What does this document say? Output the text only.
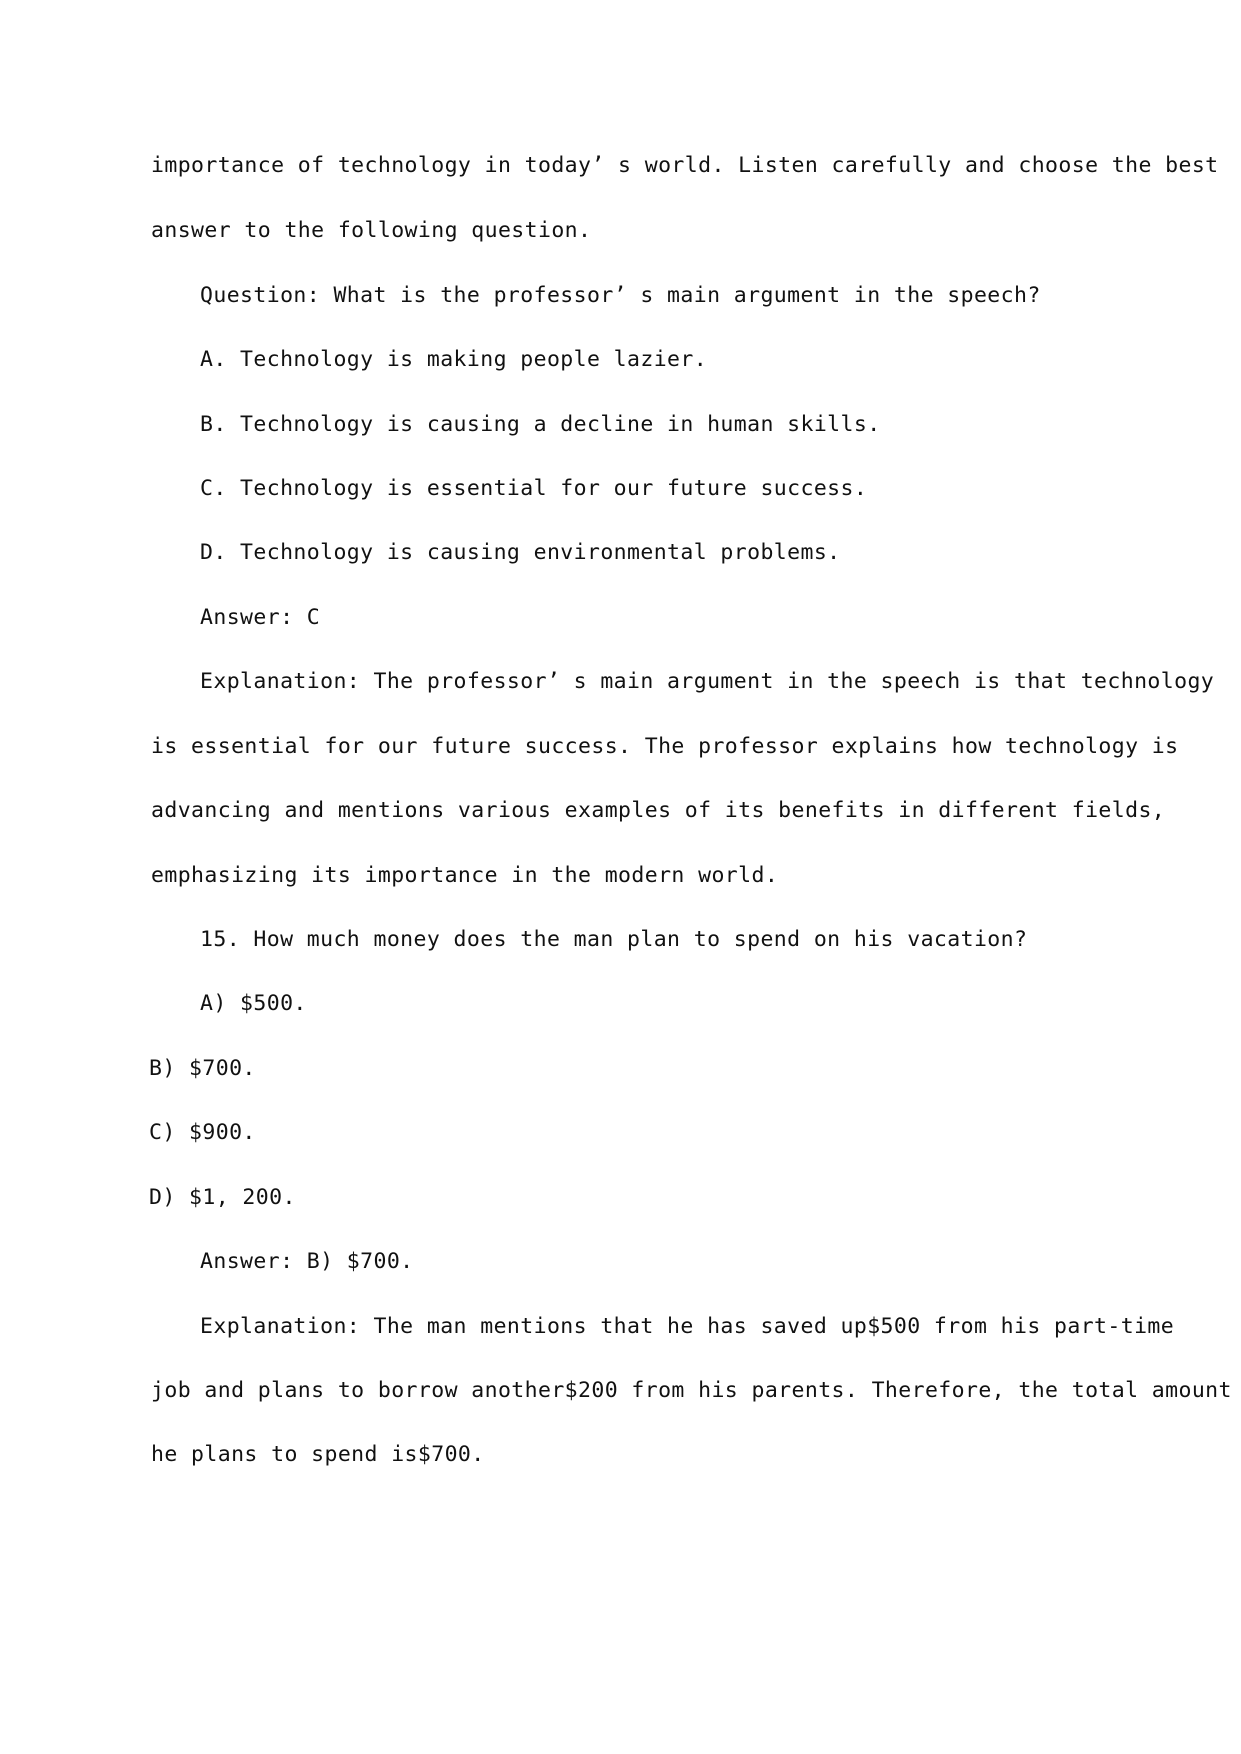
importance of technology in today’ s world. Listen carefully and choose the best
answer to the following question.
Question: What is the professor’ s main argument in the speech?
A. Technology is making people lazier.
B. Technology is causing a decline in human skills.
C. Technology is essential for our future success.
D. Technology is causing environmental problems.
Answer: C
Explanation: The professor’ s main argument in the speech is that technology
is essential for our future success. The professor explains how technology is
advancing and mentions various examples of its benefits in different fields,
emphasizing its importance in the modern world.
15. How much money does the man plan to spend on his vacation?
A) $500.
B) $700.
C) $900.
D) $1, 200.
Answer: B) $700.
Explanation: The man mentions that he has saved up$500 from his part-time
job and plans to borrow another$200 from his parents. Therefore, the total amount
he plans to spend is$700.
